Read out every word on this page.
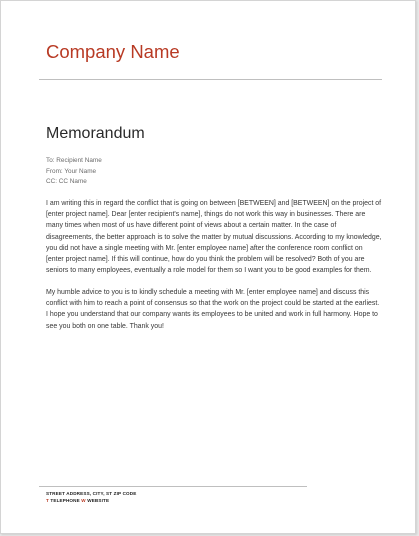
Company Name
Memorandum
To: Recipient Name
From: Your Name
CC: CC Name

I am writing this in regard the conflict that is going on between [BETWEEN] and [BETWEEN] on the project of [enter project name]. Dear [enter recipient's name], things do not work this way in businesses. There are many times when most of us have different point of views about a certain matter. In the case of disagreements, the better approach is to solve the matter by mutual discussions. According to my knowledge, you did not have a single meeting with Mr. [enter employee name] after the conference room conflict on [enter project name]. If this will continue, how do you think the problem will be resolved? Both of you are seniors to many employees, eventually a role model for them so I want you to be good examples for them.

My humble advice to you is to kindly schedule a meeting with Mr. [enter employee name] and discuss this conflict with him to reach a point of consensus so that the work on the project could be started at the earliest. I hope you understand that our company wants its employees to be united and work in full harmony. Hope to see you both on one table. Thank you!

STREET ADDRESS, CITY, ST ZIP CODE
T TELEPHONE W WEBSITE
